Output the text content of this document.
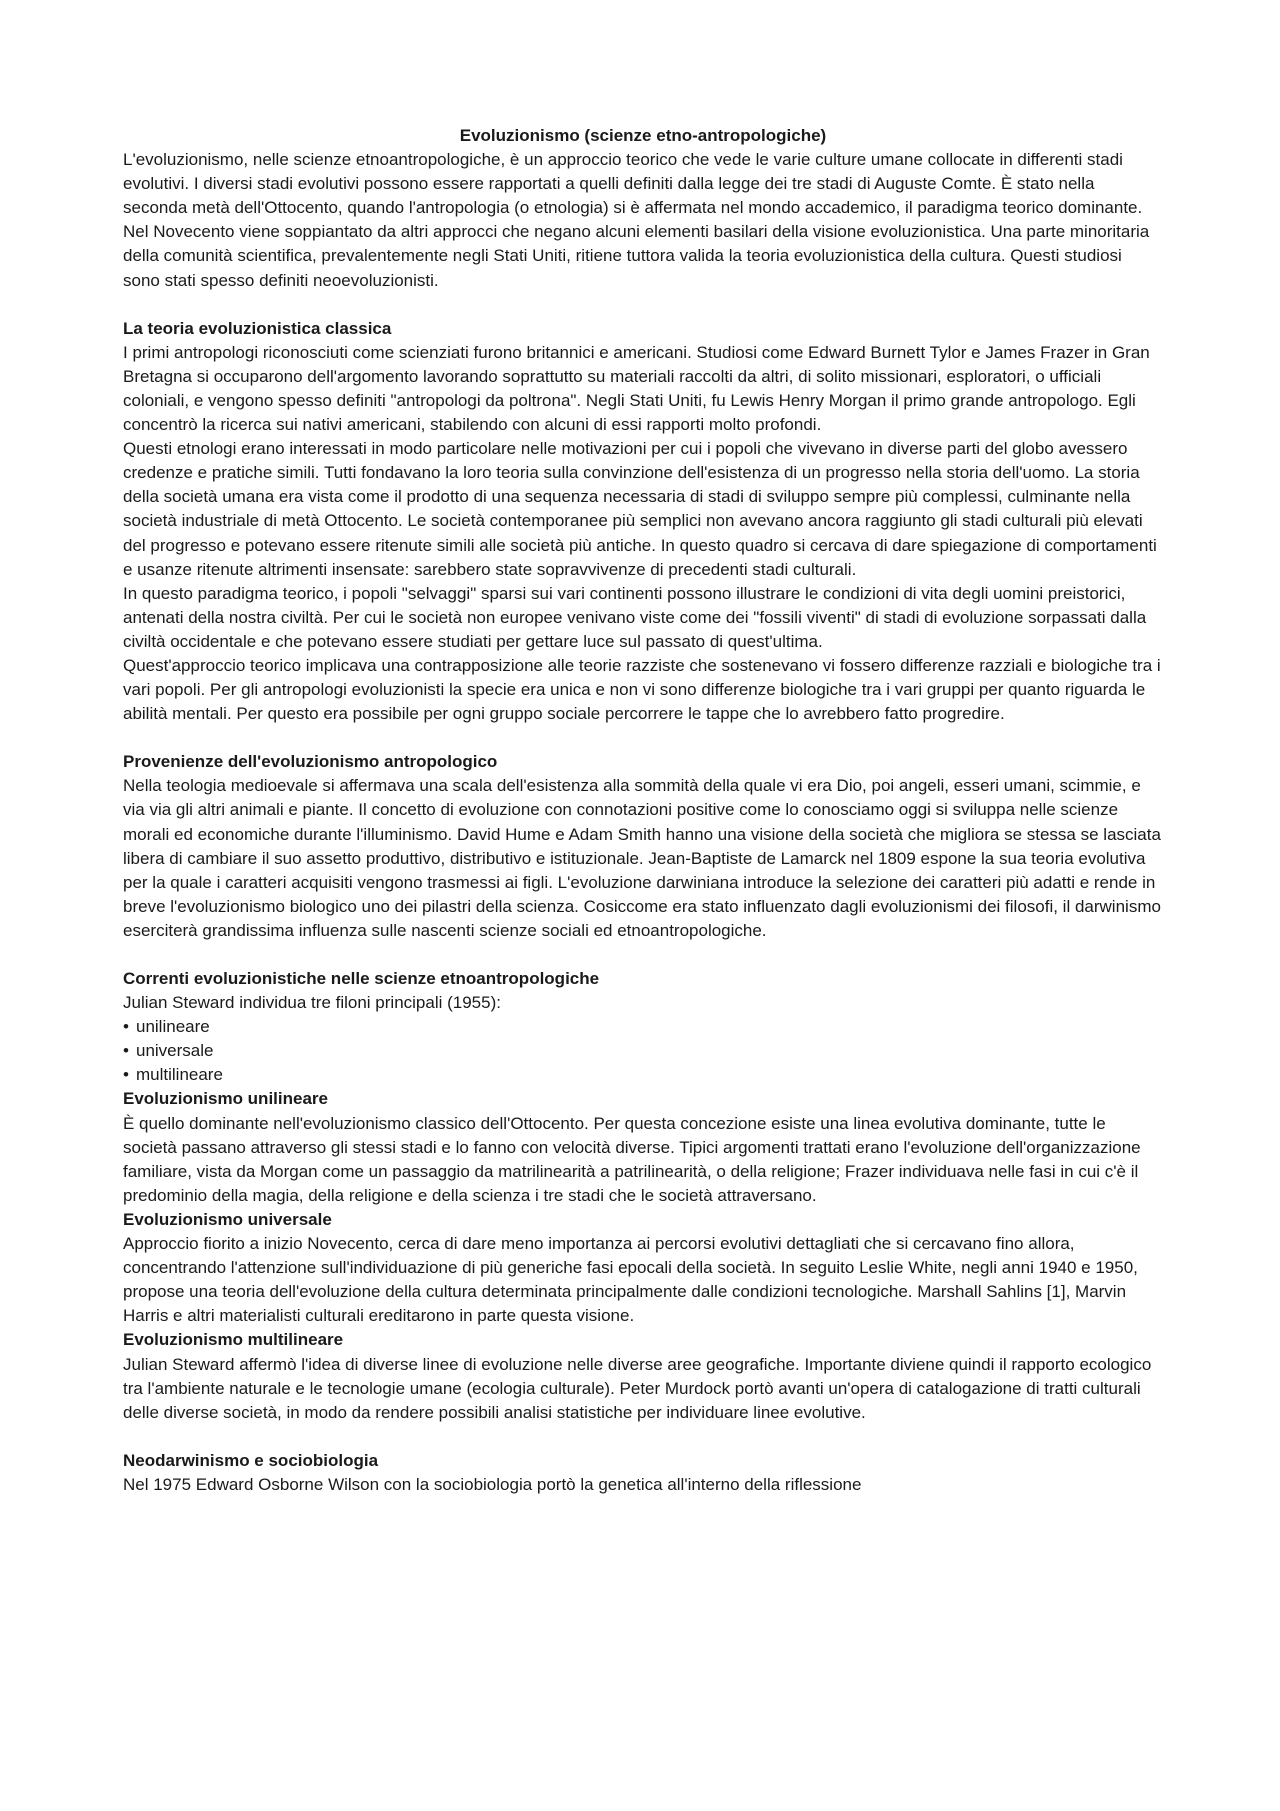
Evoluzionismo (scienze etno-antropologiche)

L'evoluzionismo, nelle scienze etnoantropologiche, è un approccio teorico che vede le varie culture umane collocate in differenti stadi evolutivi. I diversi stadi evolutivi possono essere rapportati a quelli definiti dalla legge dei tre stadi di Auguste Comte. È stato nella seconda metà dell'Ottocento, quando l'antropologia (o etnologia) si è affermata nel mondo accademico, il paradigma teorico dominante. Nel Novecento viene soppiantato da altri approcci che negano alcuni elementi basilari della visione evoluzionistica. Una parte minoritaria della comunità scientifica, prevalentemente negli Stati Uniti, ritiene tuttora valida la teoria evoluzionistica della cultura. Questi studiosi sono stati spesso definiti neoevoluzionisti.

La teoria evoluzionistica classica

I primi antropologi riconosciuti come scienziati furono britannici e americani. Studiosi come Edward Burnett Tylor e James Frazer in Gran Bretagna si occuparono dell'argomento lavorando soprattutto su materiali raccolti da altri, di solito missionari, esploratori, o ufficiali coloniali, e vengono spesso definiti "antropologi da poltrona". Negli Stati Uniti, fu Lewis Henry Morgan il primo grande antropologo. Egli concentrò la ricerca sui nativi americani, stabilendo con alcuni di essi rapporti molto profondi.

Questi etnologi erano interessati in modo particolare nelle motivazioni per cui i popoli che vivevano in diverse parti del globo avessero credenze e pratiche simili. Tutti fondavano la loro teoria sulla convinzione dell'esistenza di un progresso nella storia dell'uomo. La storia della società umana era vista come il prodotto di una sequenza necessaria di stadi di sviluppo sempre più complessi, culminante nella società industriale di metà Ottocento. Le società contemporanee più semplici non avevano ancora raggiunto gli stadi culturali più elevati del progresso e potevano essere ritenute simili alle società più antiche. In questo quadro si cercava di dare spiegazione di comportamenti e usanze ritenute altrimenti insensate: sarebbero state sopravvivenze di precedenti stadi culturali.

In questo paradigma teorico, i popoli "selvaggi" sparsi sui vari continenti possono illustrare le condizioni di vita degli uomini preistorici, antenati della nostra civiltà. Per cui le società non europee venivano viste come dei "fossili viventi" di stadi di evoluzione sorpassati dalla civiltà occidentale e che potevano essere studiati per gettare luce sul passato di quest'ultima.

Quest'approccio teorico implicava una contrapposizione alle teorie razziste che sostenevano vi fossero differenze razziali e biologiche tra i vari popoli. Per gli antropologi evoluzionisti la specie era unica e non vi sono differenze biologiche tra i vari gruppi per quanto riguarda le abilità mentali. Per questo era possibile per ogni gruppo sociale percorrere le tappe che lo avrebbero fatto progredire.

Provenienze dell'evoluzionismo antropologico

Nella teologia medioevale si affermava una scala dell'esistenza alla sommità della quale vi era Dio, poi angeli, esseri umani, scimmie, e via via gli altri animali e piante. Il concetto di evoluzione con connotazioni positive come lo conosciamo oggi si sviluppa nelle scienze morali ed economiche durante l'illuminismo. David Hume e Adam Smith hanno una visione della società che migliora se stessa se lasciata libera di cambiare il suo assetto produttivo, distributivo e istituzionale. Jean-Baptiste de Lamarck nel 1809 espone la sua teoria evolutiva per la quale i caratteri acquisiti vengono trasmessi ai figli. L'evoluzione darwiniana introduce la selezione dei caratteri più adatti e rende in breve l'evoluzionismo biologico uno dei pilastri della scienza. Cosiccome era stato influenzato dagli evoluzionismi dei filosofi, il darwinismo eserciterà grandissima influenza sulle nascenti scienze sociali ed etnoantropologiche.

Correnti evoluzionistiche nelle scienze etnoantropologiche

Julian Steward individua tre filoni principali (1955):

• unilineare

• universale

• multilineare

Evoluzionismo unilineare

È quello dominante nell'evoluzionismo classico dell'Ottocento. Per questa concezione esiste una linea evolutiva dominante, tutte le società passano attraverso gli stessi stadi e lo fanno con velocità diverse. Tipici argomenti trattati erano l'evoluzione dell'organizzazione familiare, vista da Morgan come un passaggio da matrilinearità a patrilinearità, o della religione; Frazer individuava nelle fasi in cui c'è il predominio della magia, della religione e della scienza i tre stadi che le società attraversano.

Evoluzionismo universale

Approccio fiorito a inizio Novecento, cerca di dare meno importanza ai percorsi evolutivi dettagliati che si cercavano fino allora, concentrando l'attenzione sull'individuazione di più generiche fasi epocali della società. In seguito Leslie White, negli anni 1940 e 1950, propose una teoria dell'evoluzione della cultura determinata principalmente dalle condizioni tecnologiche. Marshall Sahlins [1], Marvin Harris e altri materialisti culturali ereditarono in parte questa visione.

Evoluzionismo multilineare

Julian Steward affermò l'idea di diverse linee di evoluzione nelle diverse aree geografiche. Importante diviene quindi il rapporto ecologico tra l'ambiente naturale e le tecnologie umane (ecologia culturale). Peter Murdock portò avanti un'opera di catalogazione di tratti culturali delle diverse società, in modo da rendere possibili analisi statistiche per individuare linee evolutive.

Neodarwinismo e sociobiologia

Nel 1975 Edward Osborne Wilson con la sociobiologia portò la genetica all'interno della riflessione
